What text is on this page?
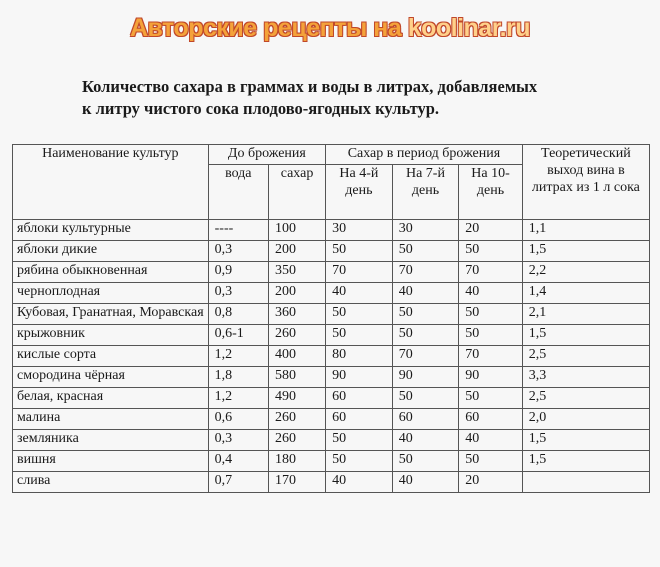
Авторские рецепты на koolinar.ru
Количество сахара в граммах и воды в литрах, добавляемых
к литру чистого сока плодово-ягодных культур.
Наименование культур	До брожения		Сахар в период брожения			Теоретический выход вина в литрах из 1 л сока
	вода	сахар	На 4-й день	На 7-й день	На 10-день	
яблоки культурные	----	100	30	30	20	1,1
яблоки дикие	0,3	200	50	50	50	1,5
рябина обыкновенная	0,9	350	70	70	70	2,2
черноплодная	0,3	200	40	40	40	1,4
Кубовая, Гранатная, Моравская	0,8	360	50	50	50	2,1
крыжовник	0,6-1	260	50	50	50	1,5
кислые сорта	1,2	400	80	70	70	2,5
смородина чёрная	1,8	580	90	90	90	3,3
белая, красная	1,2	490	60	50	50	2,5
малина	0,6	260	60	60	60	2,0
земляника	0,3	260	50	40	40	1,5
вишня	0,4	180	50	50	50	1,5
слива	0,7	170	40	40	20	
